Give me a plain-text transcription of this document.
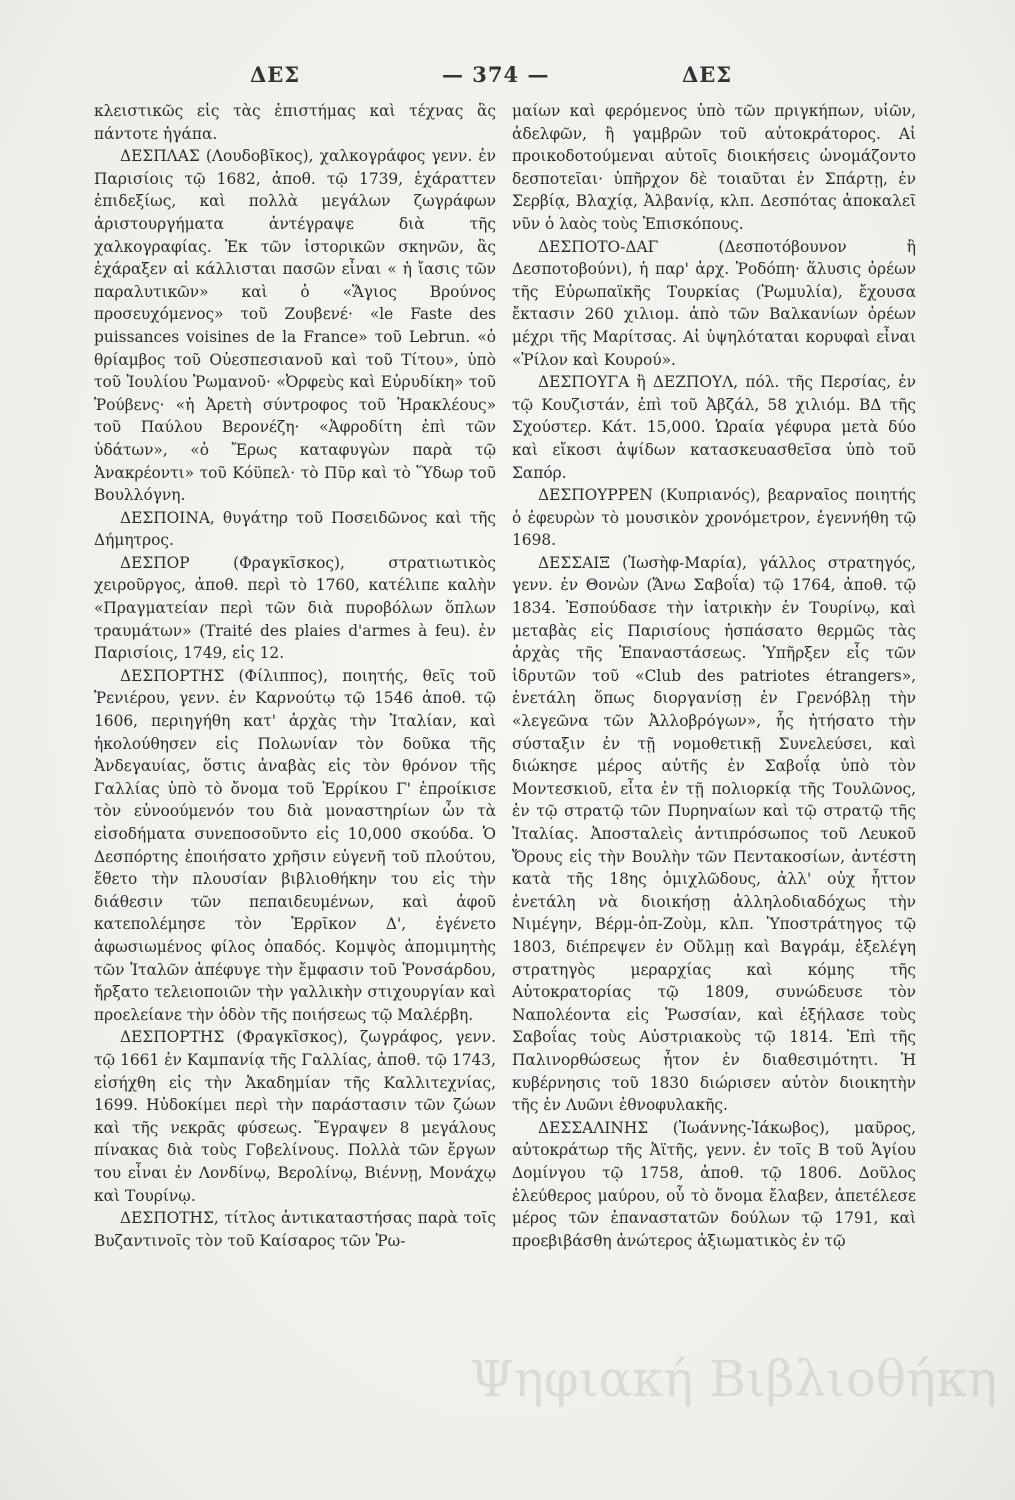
ΔΕΣ	— 374 —	ΔΕΣ

κλειστικῶς εἰς τὰς ἐπιστήμας καὶ τέχνας ἃς πάντοτε ἠγάπα.

ΔΕΣΠΛΑΣ (Λουδοβῖκος), χαλκογράφος γενν. ἐν Παρισίοις τῷ 1682, ἀποθ. τῷ 1739, ἐχάραττεν ἐπιδεξίως, καὶ πολλὰ μεγάλων ζωγράφων ἀριστουργήματα ἀντέγραψε διὰ τῆς χαλκογραφίας. Ἐκ τῶν ἱστορικῶν σκηνῶν, ἃς ἐχάραξεν αἱ κάλλισται πασῶν εἶναι « ἡ ἴασις τῶν παραλυτικῶν» καὶ ὁ «Ἅγιος Βρούνος προσευχόμενος» τοῦ Ζουβενέ· «le Faste des puissances voisines de la France» τοῦ Lebrun. «ὁ θρίαμβος τοῦ Οὐεσπεσιανοῦ καὶ τοῦ Τίτου», ὑπὸ τοῦ Ἰουλίου Ῥωμανοῦ· «Ὀρφεὺς καὶ Εὐρυδίκη» τοῦ Ῥούβενς· «ἡ Ἀρετὴ σύντροφος τοῦ Ἡρακλέους» τοῦ Παύλου Βερονέζη· «Ἀφροδίτη ἐπὶ τῶν ὑδάτων», «ὁ Ἔρως καταφυγὼν παρὰ τῷ Ἀνακρέοντι» τοῦ Κόϋπελ· τὸ Πῦρ καὶ τὸ Ὕδωρ τοῦ Βουλλόγνη.

ΔΕΣΠΟΙΝΑ, θυγάτηρ τοῦ Ποσειδῶνος καὶ τῆς Δήμητρος.

ΔΕΣΠΟΡ (Φραγκῖσκος), στρατιωτικὸς χειροῦργος, ἀποθ. περὶ τὸ 1760, κατέλιπε καλὴν «Πραγματείαν περὶ τῶν διὰ πυροβόλων ὅπλων τραυμάτων» (Traité des plaies d'armes à feu). ἐν Παρισίοις, 1749, εἰς 12.

ΔΕΣΠΟΡΤΗΣ (Φίλιππος), ποιητής, θεῖς τοῦ Ῥενιέρου, γενν. ἐν Καρνούτῳ τῷ 1546 ἀποθ. τῷ 1606, περιηγήθη κατ' ἀρχὰς τὴν Ἰταλίαν, καὶ ἠκολούθησεν εἰς Πολωνίαν τὸν δοῦκα τῆς Ἀνδεγαυίας, ὅστις ἀναβὰς εἰς τὸν θρόνον τῆς Γαλλίας ὑπὸ τὸ ὄνομα τοῦ Ἐρρίκου Γ' ἐπροίκισε τὸν εὐνοούμενόν του διὰ μοναστηρίων ὧν τὰ εἰσοδήματα συνεποσοῦντο εἰς 10,000 σκούδα. Ὁ Δεσπόρτης ἐποιήσατο χρῆσιν εὐγενῆ τοῦ πλούτου, ἔθετο τὴν πλουσίαν βιβλιοθήκην του εἰς τὴν διάθεσιν τῶν πεπαιδευμένων, καὶ ἀφοῦ κατεπολέμησε τὸν Ἐρρῖκον Δ', ἐγένετο ἀφωσιωμένος φίλος ὀπαδός. Κομψὸς ἀπομιμητὴς τῶν Ἰταλῶν ἀπέφυγε τὴν ἔμφασιν τοῦ Ῥονσάρδου, ἤρξατο τελειοποιῶν τὴν γαλλικὴν στιχουργίαν καὶ προελείανε τὴν ὁδὸν τῆς ποιήσεως τῷ Μαλέρβη.

ΔΕΣΠΟΡΤΗΣ (Φραγκῖσκος), ζωγράφος, γενν. τῷ 1661 ἐν Καμπανίᾳ τῆς Γαλλίας, ἀποθ. τῷ 1743, εἰσήχθη εἰς τὴν Ἀκαδημίαν τῆς Καλλιτεχνίας, 1699. Ηὐδοκίμει περὶ τὴν παράστασιν τῶν ζώων καὶ τῆς νεκρᾶς φύσεως. Ἔγραψεν 8 μεγάλους πίνακας διὰ τοὺς Γοβελίνους. Πολλὰ τῶν ἔργων του εἶναι ἐν Λονδίνῳ, Βερολίνῳ, Βιέννῃ, Μονάχῳ καὶ Τουρίνῳ.

ΔΕΣΠΟΤΗΣ, τίτλος ἀντικαταστήσας παρὰ τοῖς Βυζαντινοῖς τὸν τοῦ Καίσαρος τῶν Ῥω-

μαίων καὶ φερόμενος ὑπὸ τῶν πριγκήπων, υἱῶν, ἀδελφῶν, ἢ γαμβρῶν τοῦ αὐτοκράτορος. Αἱ προικοδοτούμεναι αὐτοῖς διοικήσεις ὠνομάζοντο δεσποτεῖαι· ὑπῆρχον δὲ τοιαῦται ἐν Σπάρτῃ, ἐν Σερβίᾳ, Βλαχίᾳ, Ἀλβανίᾳ, κλπ. Δεσπότας ἀποκαλεῖ νῦν ὁ λαὸς τοὺς Ἐπισκόπους.

ΔΕΣΠΟΤΟ-ΔΑΓ (Δεσποτόβουνον ἢ Δεσποτοβούνι), ἡ παρ' ἀρχ. Ῥοδόπη· ἅλυσις ὀρέων τῆς Εὐρωπαϊκῆς Τουρκίας (Ῥωμυλία), ἔχουσα ἔκτασιν 260 χιλιομ. ἀπὸ τῶν Βαλκανίων ὀρέων μέχρι τῆς Μαρίτσας. Αἱ ὑψηλόταται κορυφαὶ εἶναι «Ῥίλον καὶ Κουρού».

ΔΕΣΠΟΥΓΑ ἢ ΔΕΖΠΟΥΛ, πόλ. τῆς Περσίας, ἐν τῷ Κουζιστάν, ἐπὶ τοῦ Ἀβζάλ, 58 χιλιόμ. ΒΔ τῆς Σχούστερ. Κάτ. 15,000. Ὡραία γέφυρα μετὰ δύο καὶ εἴκοσι ἀψίδων κατασκευασθεῖσα ὑπὸ τοῦ Σαπόρ.

ΔΕΣΠΟΥΡΡΕΝ (Κυπριανός), βεαρναῖος ποιητής ὁ ἐφευρὼν τὸ μουσικὸν χρονόμετρον, ἐγεννήθη τῷ 1698.

ΔΕΣΣΑΙΞ (Ἰωσὴφ-Μαρία), γάλλος στρατηγός, γενν. ἐν Θονὼν (Ἄνω Σαβοΐα) τῷ 1764, ἀποθ. τῷ 1834. Ἐσπούδασε τὴν ἰατρικὴν ἐν Τουρίνῳ, καὶ μεταβὰς εἰς Παρισίους ἠσπάσατο θερμῶς τὰς ἀρχὰς τῆς Ἐπαναστάσεως. Ὑπῆρξεν εἷς τῶν ἱδρυτῶν τοῦ «Club des patriotes étrangers», ἐνετάλη ὅπως διοργανίσῃ ἐν Γρενόβλῃ τὴν «λεγεῶνα τῶν Ἀλλοβρόγων», ἧς ἠτήσατο τὴν σύσταξιν ἐν τῇ νομοθετικῇ Συνελεύσει, καὶ διώκησε μέρος αὐτῆς ἐν Σαβοΐᾳ ὑπὸ τὸν Μοντεσκιοῦ, εἶτα ἐν τῇ πολιορκίᾳ τῆς Τουλῶνος, ἐν τῷ στρατῷ τῶν Πυρηναίων καὶ τῷ στρατῷ τῆς Ἰταλίας. Ἀποσταλεὶς ἀντιπρόσωπος τοῦ Λευκοῦ Ὄρους εἰς τὴν Βουλὴν τῶν Πεντακοσίων, ἀντέστη κατὰ τῆς 18ης ὁμιχλῶδους, ἀλλ' οὐχ ἧττον ἐνετάλη νὰ διοικήσῃ ἀλληλοδιαδόχως τὴν Νιμέγην, Βέρμ-ὀπ-Ζοὺμ, κλπ. Ὑποστράτηγος τῷ 1803, διέπρεψεν ἐν Οὔλμῃ καὶ Βαγράμ, ἐξελέγη στρατηγὸς μεραρχίας καὶ κόμης τῆς Αὐτοκρατορίας τῷ 1809, συνώδευσε τὸν Ναπολέοντα εἰς Ῥωσσίαν, καὶ ἐξήλασε τοὺς Σαβοΐας τοὺς Αὐστριακοὺς τῷ 1814. Ἐπὶ τῆς Παλινορθώσεως ἦτον ἐν διαθεσιμότητι. Ἡ κυβέρνησις τοῦ 1830 διώρισεν αὐτὸν διοικητὴν τῆς ἐν Λυῶνι ἐθνοφυλακῆς.

ΔΕΣΣΑΛΙΝΗΣ (Ἰωάννης-Ἰάκωβος), μαῦρος, αὐτοκράτωρ τῆς Ἀϊτῆς, γενν. ἐν τοῖς Β τοῦ Ἁγίου Δομίνγου τῷ 1758, ἀποθ. τῷ 1806. Δοῦλος ἐλεύθερος μαύρου, οὗ τὸ ὄνομα ἔλαβεν, ἀπετέλεσε μέρος τῶν ἐπαναστατῶν δούλων τῷ 1791, καὶ προεβιβάσθη ἀνώτερος ἀξιωματικὸς ἐν τῷ

Ψηφιακή Βιβλιοθήκη
